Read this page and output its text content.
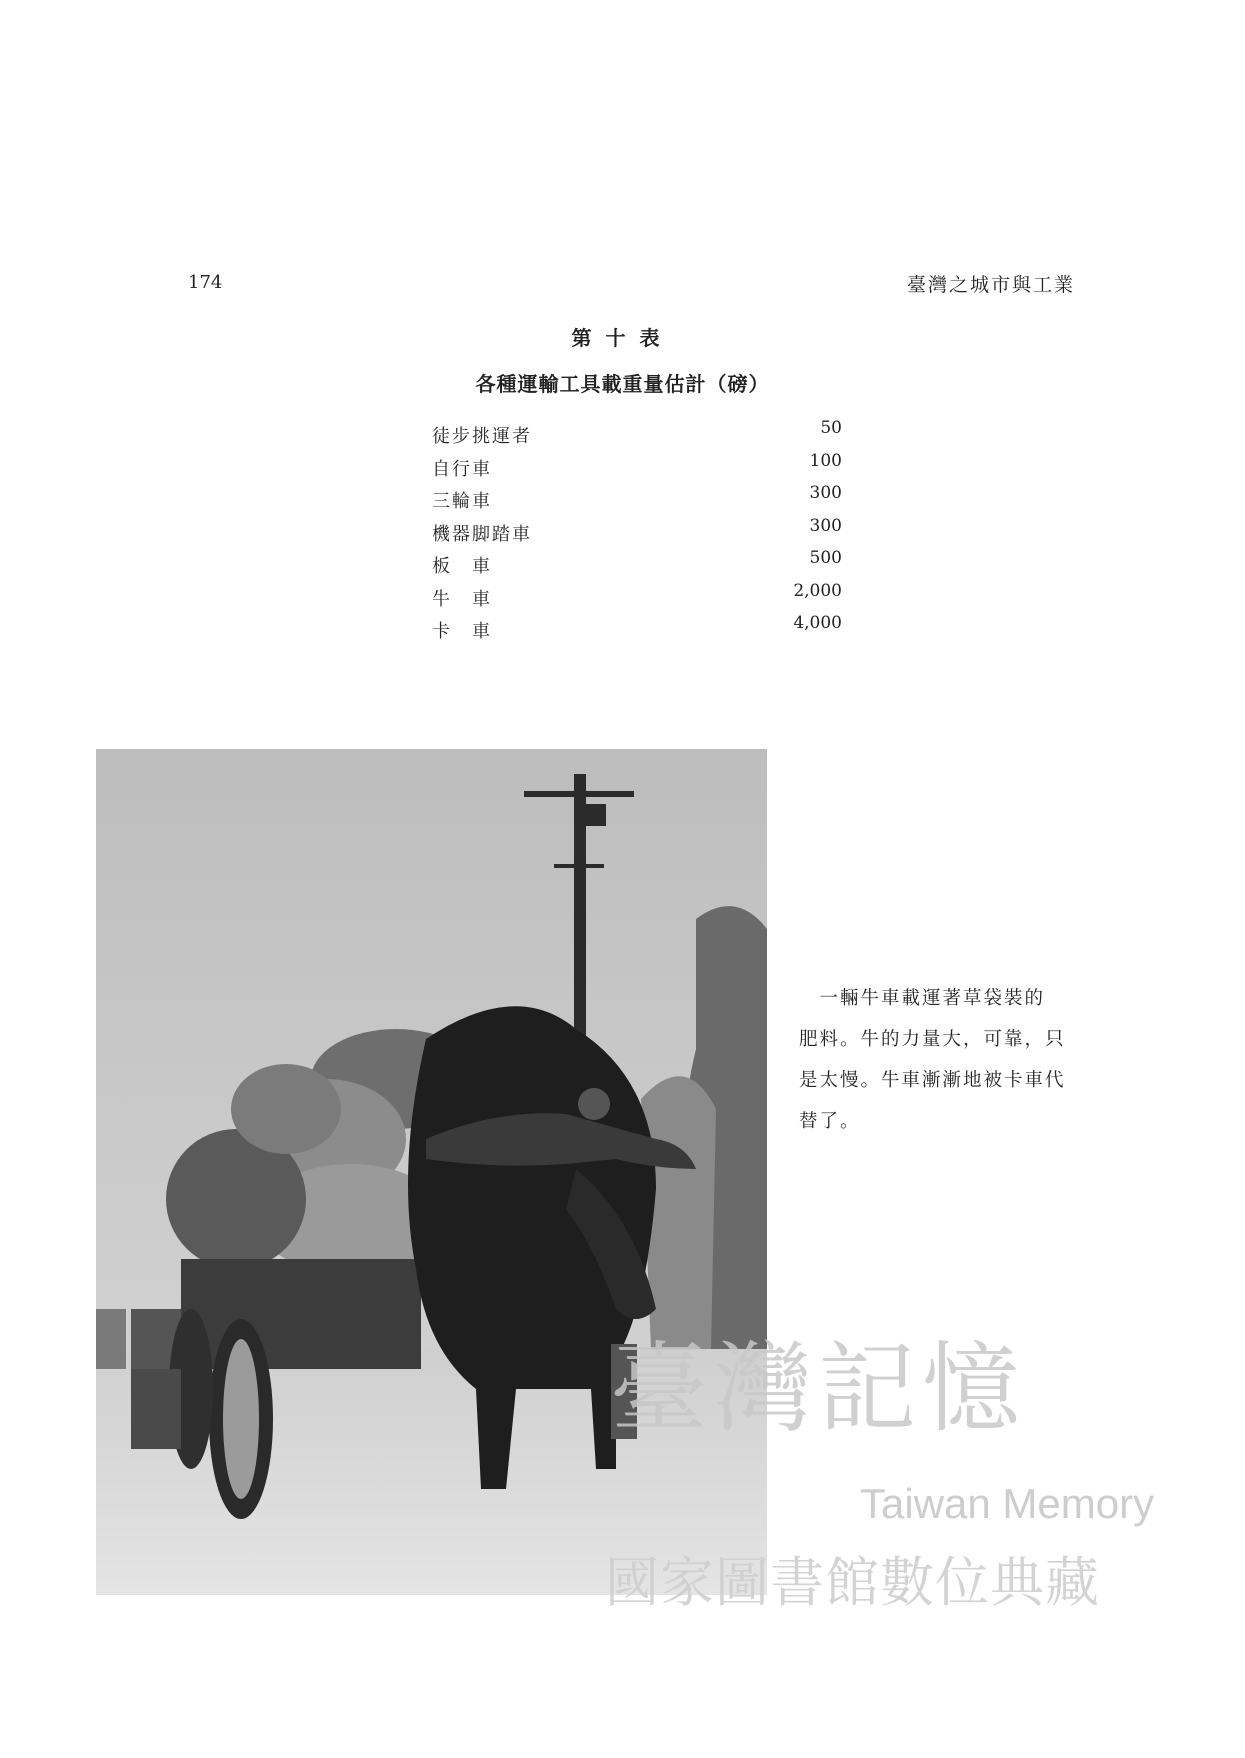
174	臺灣之城市與工業
第十表
各種運輸工具載重量估計（磅）
徒步挑運者	50
自行車	100
三輪車	300
機器脚踏車	300
板　車	500
牛　車	2,000
卡　車	4,000
　一輛牛車載運著草袋裝的
肥料。牛的力量大，可靠，只
是太慢。牛車漸漸地被卡車代
替了。
臺灣記憶
Taiwan Memory
國家圖書館數位典藏
